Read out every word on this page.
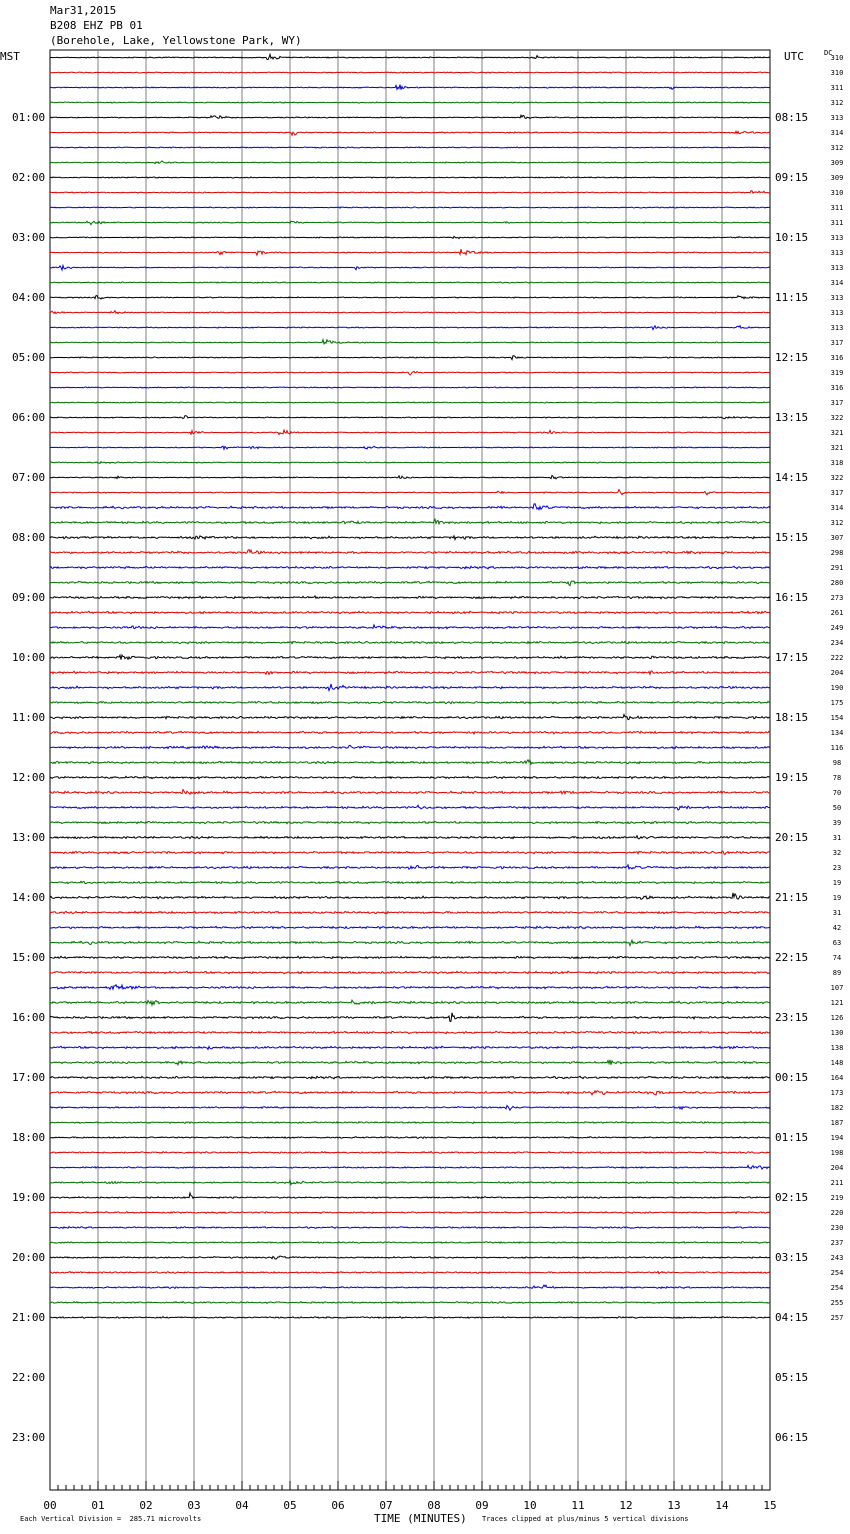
Mar31,2015
B208 EHZ PB 01
(Borehole, Lake, Yellowstone Park, WY)
MST	UTC	DC
310
310
311
312
313
314
312
309
309
310
311
311
313
313
313
314
313
313
313
317
316
319
316
317
322
321
321
318
322
317
314
312
307
298
291
280
273
261
249
234
222
204
190
175
154
134
116
98
78
70
50
39
31
32
23
19
19
31
42
63
74
89
107
121
126
130
138
148
164
173
182
187
194
198
204
211
219
220
230
237
243
254
254
255
257
01:00	08:15
02:00	09:15
03:00	10:15
04:00	11:15
05:00	12:15
06:00	13:15
07:00	14:15
08:00	15:15
09:00	16:15
10:00	17:15
11:00	18:15
12:00	19:15
13:00	20:15
14:00	21:15
15:00	22:15
16:00	23:15
17:00	00:15
18:00	01:15
19:00	02:15
20:00	03:15
21:00	04:15
22:00	05:15
23:00	06:15
00	01	02	03	04	05	06	07	08	09	10	11	12	13	14	15
Each Vertical Division =  285.71 microvolts	TIME (MINUTES) Traces clipped at plus/minus 5 vertical divisions
